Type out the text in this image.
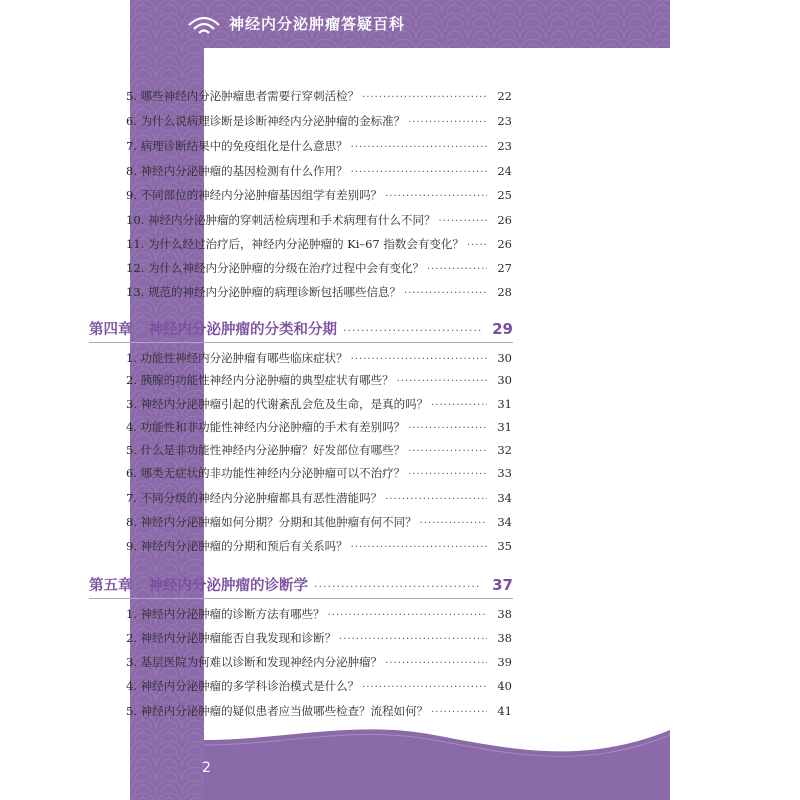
神经内分泌肿瘤答疑百科
2
5. 哪些神经内分泌肿瘤患者需要行穿刺活检？ ·····	22
6. 为什么说病理诊断是诊断神经内分泌肿瘤的金标准？ ·····	23
7. 病理诊断结果中的免疫组化是什么意思？ ·····	23
8. 神经内分泌肿瘤的基因检测有什么作用？ ·····	24
9. 不同部位的神经内分泌肿瘤基因组学有差别吗？ ·····	25
10. 神经内分泌肿瘤的穿刺活检病理和手术病理有什么不同？ ·····	26
11. 为什么经过治疗后，神经内分泌肿瘤的 Ki–67 指数会有变化？ ·····	26
12. 为什么神经内分泌肿瘤的分级在治疗过程中会有变化？ ·····	27
13. 规范的神经内分泌肿瘤的病理诊断包括哪些信息？ ·····	28
第四章 神经内分泌肿瘤的分类和分期 ·····	29
1. 功能性神经内分泌肿瘤有哪些临床症状？ ·····	30
2. 胰腺的功能性神经内分泌肿瘤的典型症状有哪些？ ·····	30
3. 神经内分泌肿瘤引起的代谢紊乱会危及生命，是真的吗？ ·····	31
4. 功能性和非功能性神经内分泌肿瘤的手术有差别吗？ ·····	31
5. 什么是非功能性神经内分泌肿瘤？好发部位有哪些？ ·····	32
6. 哪类无症状的非功能性神经内分泌肿瘤可以不治疗？ ·····	33
7. 不同分级的神经内分泌肿瘤都具有恶性潜能吗？ ·····	34
8. 神经内分泌肿瘤如何分期？分期和其他肿瘤有何不同？ ·····	34
9. 神经内分泌肿瘤的分期和预后有关系吗？ ·····	35
第五章 神经内分泌肿瘤的诊断学 ·····	37
1. 神经内分泌肿瘤的诊断方法有哪些？ ·····	38
2. 神经内分泌肿瘤能否自我发现和诊断？ ·····	38
3. 基层医院为何难以诊断和发现神经内分泌肿瘤？ ·····	39
4. 神经内分泌肿瘤的多学科诊治模式是什么？ ·····	40
5. 神经内分泌肿瘤的疑似患者应当做哪些检查？流程如何？ ·····	41
